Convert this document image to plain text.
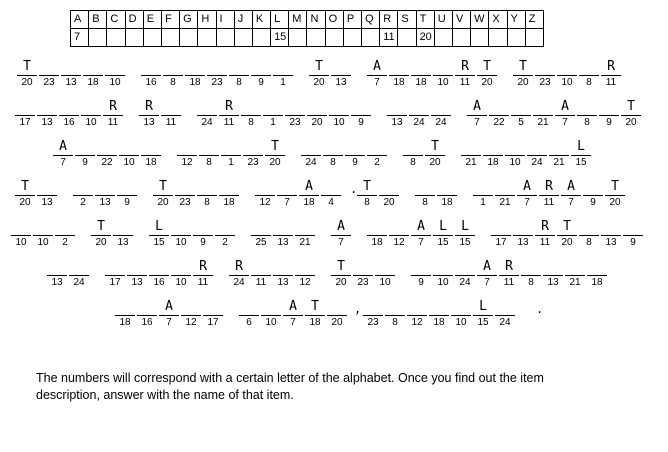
A	B	C	D	E	F	G	H	I	J	K	L	M	N	O	P	Q	R	S	T	U	V	W	X	Y	Z
7											15						11		20						
T
20	23	13	18	10	16	8	18	23	8	9	1
T
20	13
A
7	18	18	10
R
11
T
20
T
20	23	10	8
R
11
17	13	16	10
R
11
R
13	11	24
R
11	8	1	23	20	10	9	13	24	24
A
7	22	5	21
A
7	8	9
T
20
A
7	9	22	10	18	12	8	1	23
T
20	24	8	9	2	8
T
20	21	18	10	24	21
L
15
T
20	13	2	13	9
T
20	23	8	18	12	7
A
18	4
T
8	20	8	18	1	21
A
7
R
11
A
7	9
T
20
10	10	2
T
20	13
L
15	10	9	2	25	13	21
A
7	18	12
A
7
L
15
L
15	17	13
R
11
T
20	8	13	9
13	24	17	13	16	10
R
11
R
24	11	13	12
T
20	23	10	9	10	24
A
7
R
11	8	13	21	18
18	16
A
7	12	17	6	10
A
7
T
18	20	23	8	12	18	10
L
15	24
.
,	.
The numbers will correspond with a certain letter of the alphabet. Once you find out the item
description, answer with the name of that item.
